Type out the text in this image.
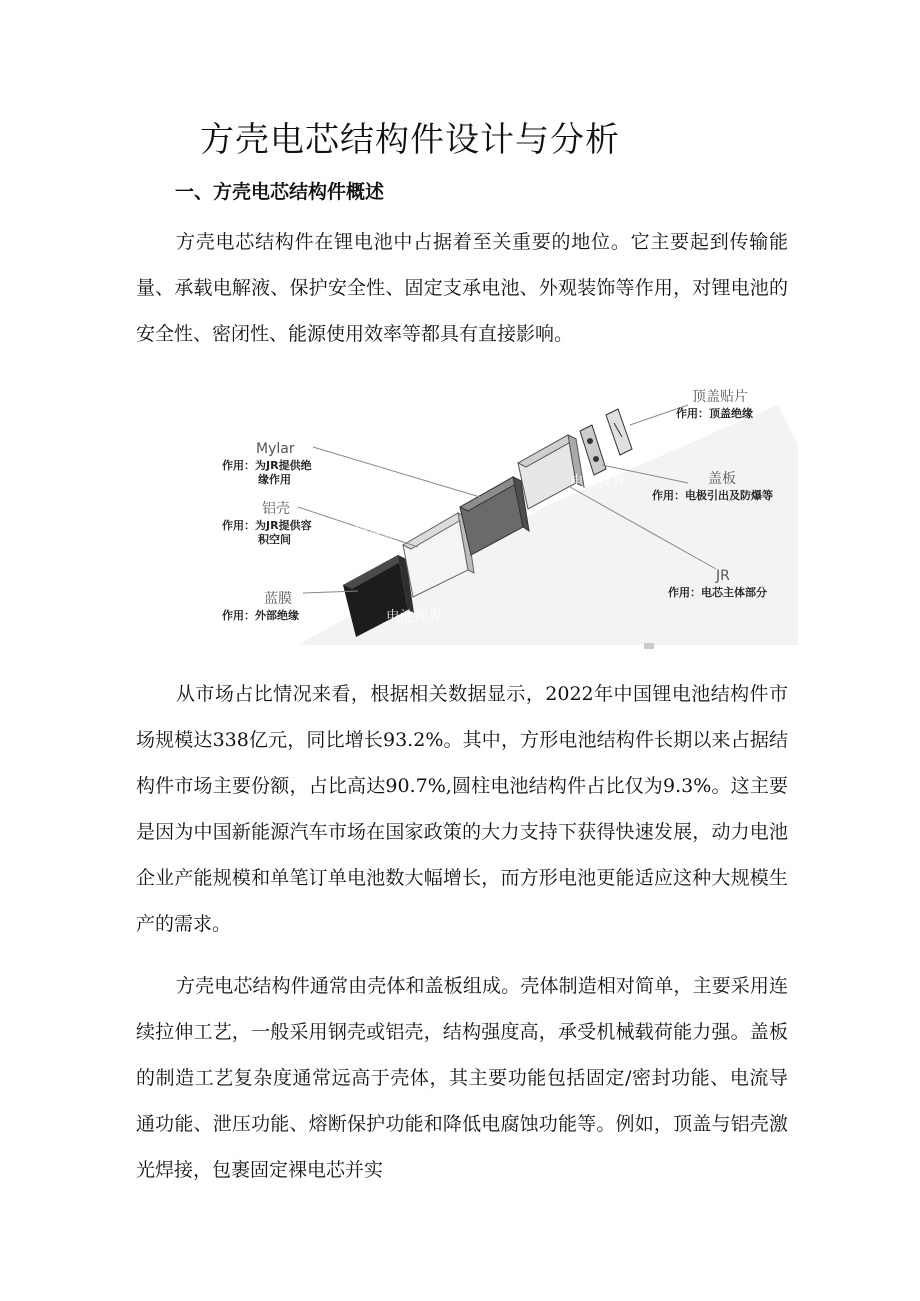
方壳电芯结构件设计与分析
一、方壳电芯结构件概述

方壳电芯结构件在锂电池中占据着至关重要的地位。它主要起到传输能量、承载电解液、保护安全性、固定支承电池、外观装饰等作用，对锂电池的安全性、密闭性、能源使用效率等都具有直接影响。

电池视界
电池视界
电池视界
Mylar
作用：为JR提供绝
缘作用
铝壳
作用：为JR提供容
积空间
蓝膜
作用：外部绝缘
顶盖贴片
作用：顶盖绝缘
盖板
作用：电极引出及防爆等
JR
作用：电芯主体部分

从市场占比情况来看，根据相关数据显示，2022年中国锂电池结构件市场规模达338亿元，同比增长93.2%。其中，方形电池结构件长期以来占据结构件市场主要份额，占比高达90.7%,圆柱电池结构件占比仅为9.3%。这主要是因为中国新能源汽车市场在国家政策的大力支持下获得快速发展，动力电池企业产能规模和单笔订单电池数大幅增长，而方形电池更能适应这种大规模生产的需求。

方壳电芯结构件通常由壳体和盖板组成。壳体制造相对简单，主要采用连续拉伸工艺，一般采用钢壳或铝壳，结构强度高，承受机械载荷能力强。盖板的制造工艺复杂度通常远高于壳体，其主要功能包括固定/密封功能、电流导通功能、泄压功能、熔断保护功能和降低电腐蚀功能等。例如，顶盖与铝壳激光焊接，包裹固定裸电芯并实
